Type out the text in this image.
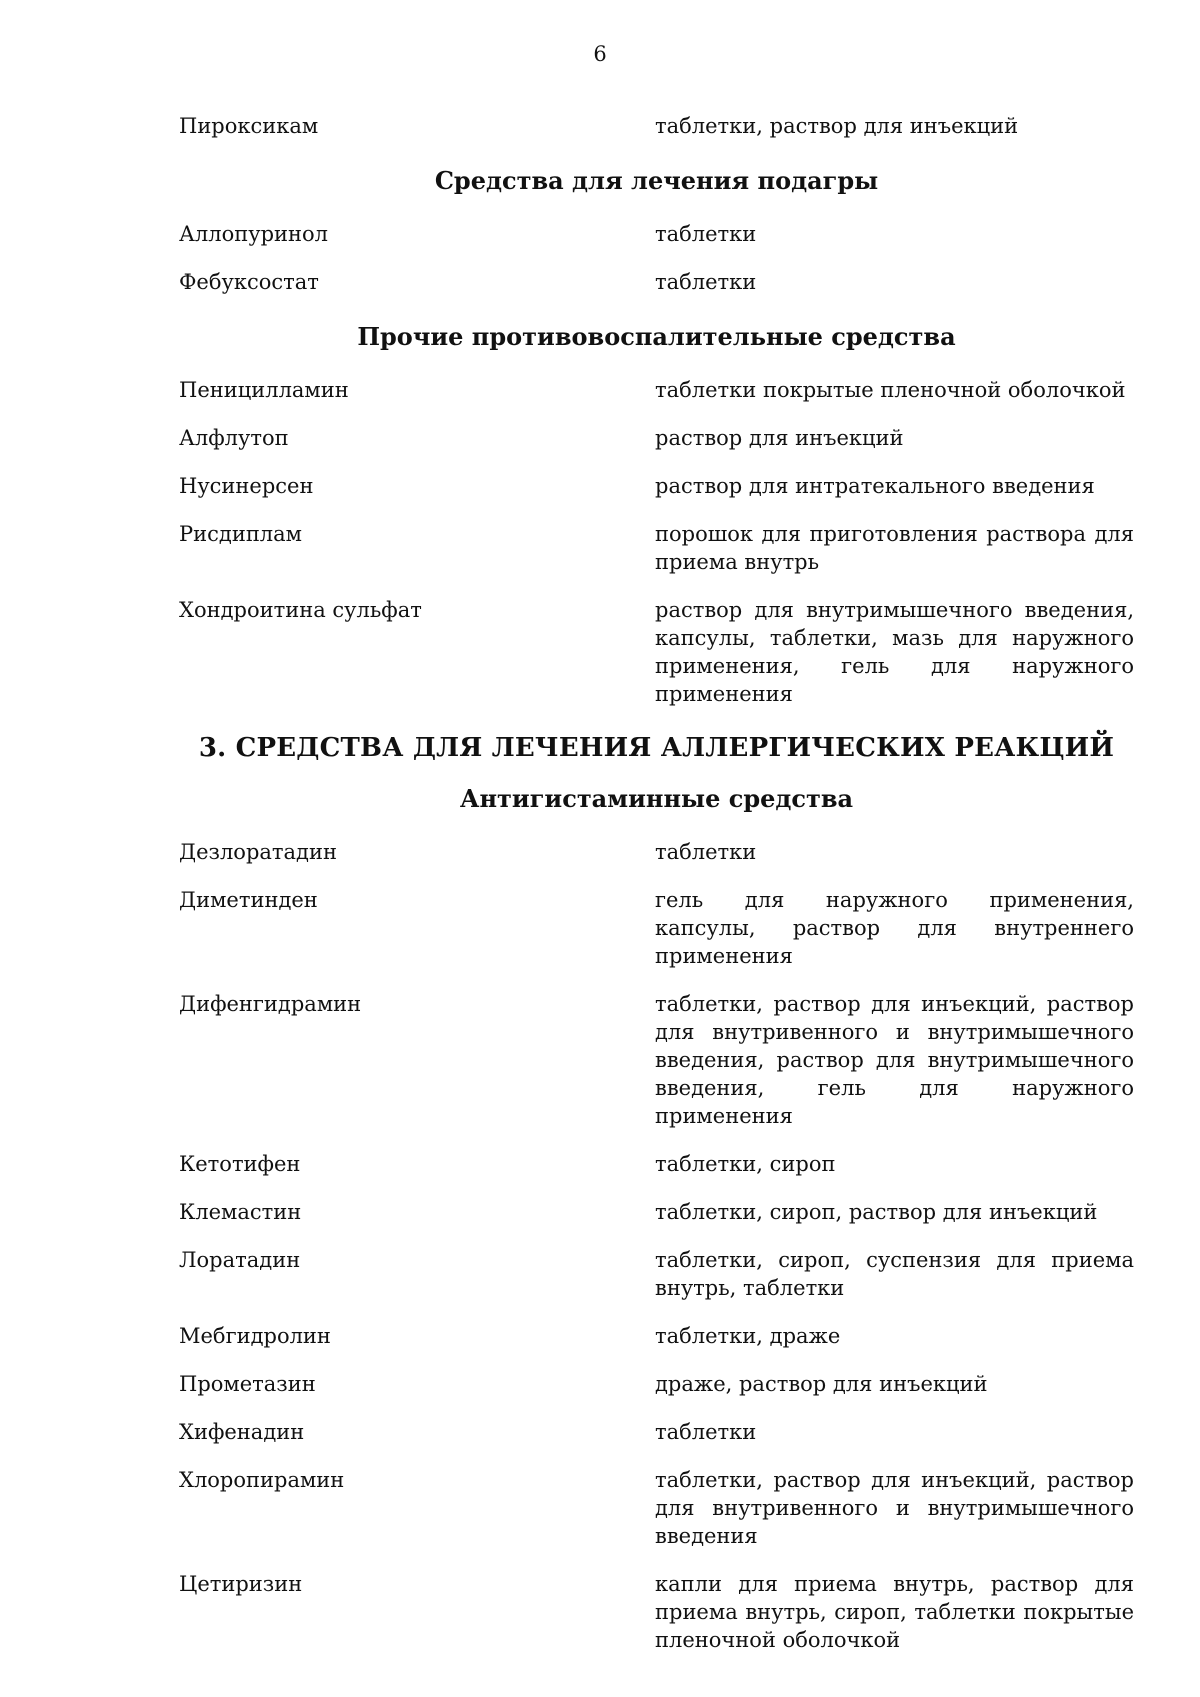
6
Пироксикам	таблетки, раствор для инъекций
Средства для лечения подагры
Аллопуринол	таблетки
Фебуксостат	таблетки
Прочие противовоспалительные средства
Пеницилламин	таблетки покрытые пленочной оболочкой
Алфлутоп	раствор для инъекций
Нусинерсен	раствор для интратекального введения
Рисдиплам	порошок для приготовления раствора для приема внутрь
Хондроитина сульфат	раствор для внутримышечного введения, капсулы, таблетки, мазь для наружного применения, гель для наружного применения
3. СРЕДСТВА ДЛЯ ЛЕЧЕНИЯ АЛЛЕРГИЧЕСКИХ РЕАКЦИЙ
Антигистаминные средства
Дезлоратадин	таблетки
Диметинден	гель для наружного применения, капсулы, раствор для внутреннего применения
Дифенгидрамин	таблетки, раствор для инъекций, раствор для внутривенного и внутримышечного введения, раствор для внутримышечного введения, гель для наружного применения
Кетотифен	таблетки, сироп
Клемастин	таблетки, сироп, раствор для инъекций
Лоратадин	таблетки, сироп, суспензия для приема внутрь, таблетки
Мебгидролин	таблетки, драже
Прометазин	драже, раствор для инъекций
Хифенадин	таблетки
Хлоропирамин	таблетки, раствор для инъекций, раствор для внутривенного и внутримышечного введения
Цетиризин	капли для приема внутрь, раствор для приема внутрь, сироп, таблетки покрытые пленочной оболочкой
